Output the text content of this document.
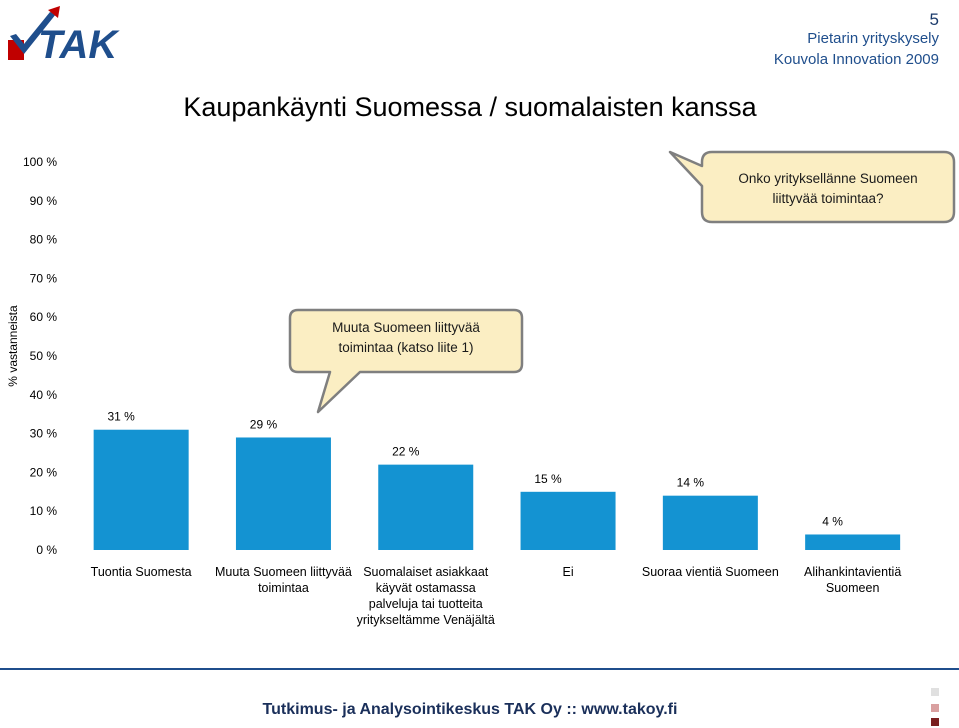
TAK
5
Pietarin yrityskysely
Kouvola Innovation 2009
Kaupankäynti Suomessa / suomalaisten kanssa
% vastanneista
0 %
10 %
20 %
30 %
40 %
50 %
60 %
70 %
80 %
90 %
100 %
31 %
Tuontia Suomesta
29 %
Muuta Suomeen liittyvää toimintaa
22 %
Suomalaiset asiakkaat käyvät ostamassa palveluja tai tuotteita yritykseltämme Venäjältä
15 %
Ei
14 %
Suoraa vientiä Suomeen
4 %
Alihankintavientiä Suomeen
Onko yrityksellänne Suomeen liittyvää toimintaa?
Muuta Suomeen liittyvää toimintaa (katso liite 1)
Tutkimus- ja Analysointikeskus TAK Oy :: www.takoy.fi
